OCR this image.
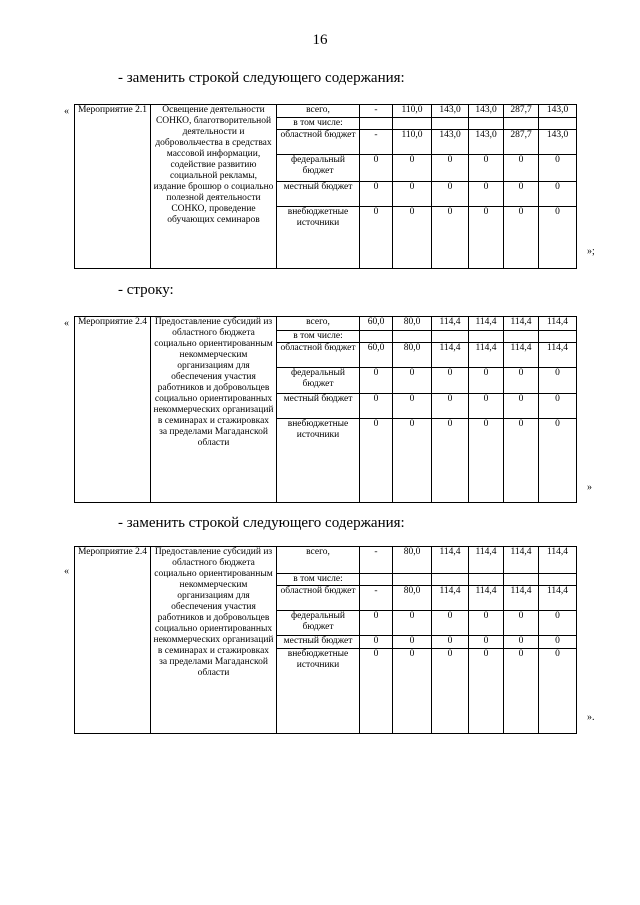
16
- заменить строкой следующего содержания:
«
»;
Мероприятие 2.1	Освещение деятельности СОНКО, благотворительной деятельности и добровольчества в средствах массовой информации, содействие развитию социальной рекламы, издание брошюр о социально полезной деятельности СОНКО, проведение обучающих семинаров	всего,	-	110,0	143,0	143,0	287,7	143,0
		в том числе:						
		областной бюджет	-	110,0	143,0	143,0	287,7	143,0
		федеральный бюджет	0	0	0	0	0	0
		местный бюджет	0	0	0	0	0	0
		внебюджетные источники	0	0	0	0	0	0
- строку:
«
»
Мероприятие 2.4	Предоставление субсидий из областного бюджета социально ориентированным некоммерческим организациям для обеспечения участия работников и добровольцев социально ориентированных некоммерческих организаций в семинарах и стажировках за пределами Магаданской области	всего,	60,0	80,0	114,4	114,4	114,4	114,4
		в том числе:						
		областной бюджет	60,0	80,0	114,4	114,4	114,4	114,4
		федеральный бюджет	0	0	0	0	0	0
		местный бюджет	0	0	0	0	0	0
		внебюджетные источники	0	0	0	0	0	0
- заменить строкой следующего содержания:
«
».
Мероприятие 2.4	Предоставление субсидий из областного бюджета социально ориентированным некоммерческим организациям для обеспечения участия работников и добровольцев социально ориентированных некоммерческих организаций в семинарах и стажировках за пределами Магаданской области	всего,	-	80,0	114,4	114,4	114,4	114,4
		в том числе:						
		областной бюджет	-	80,0	114,4	114,4	114,4	114,4
		федеральный бюджет	0	0	0	0	0	0
		местный бюджет	0	0	0	0	0	0
		внебюджетные источники	0	0	0	0	0	0
